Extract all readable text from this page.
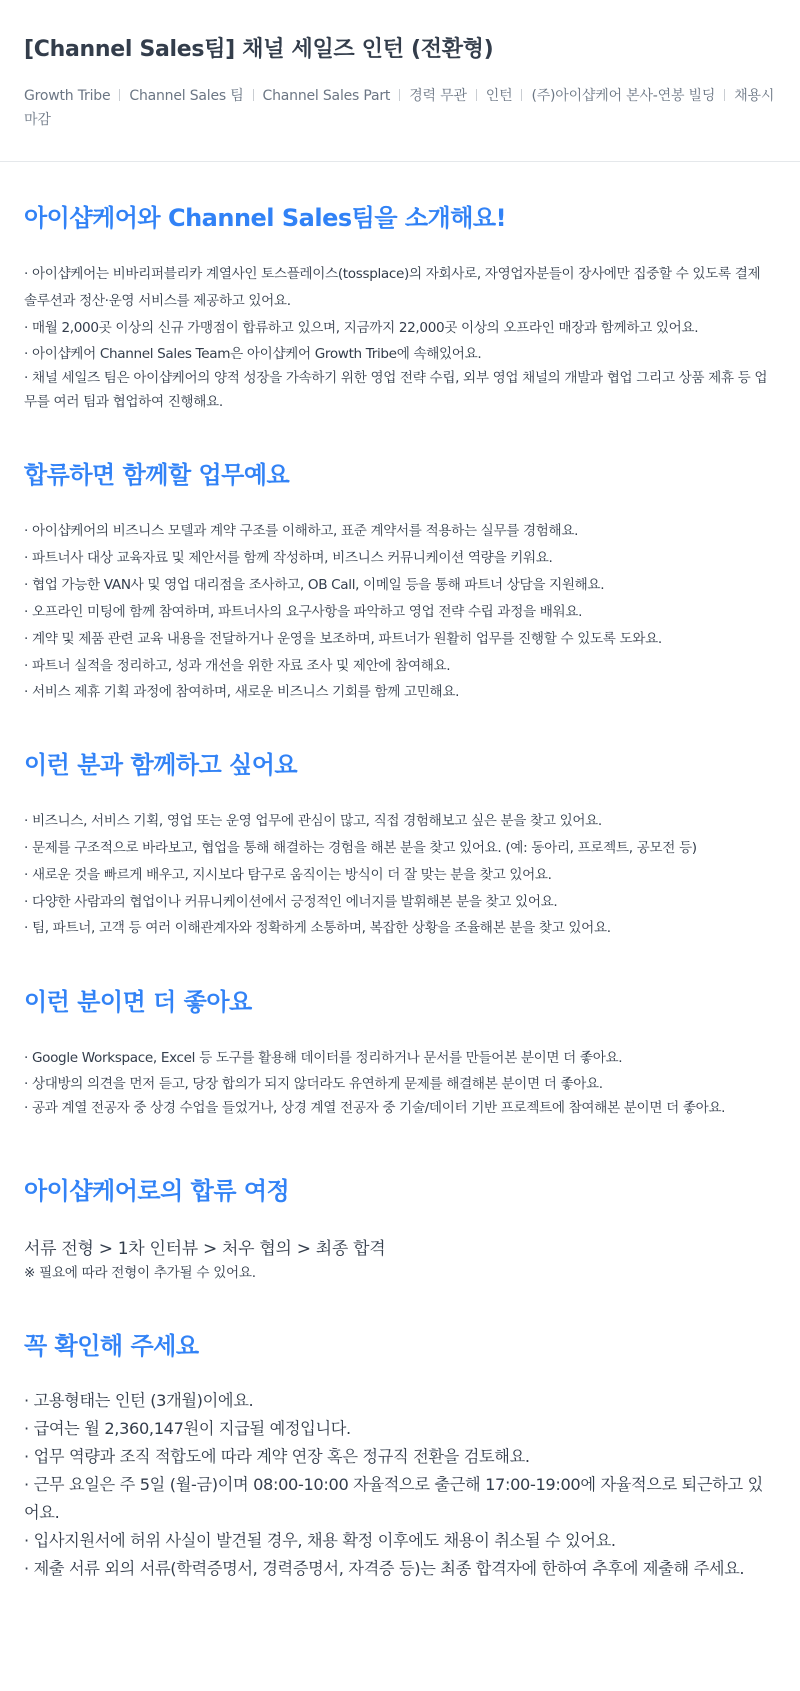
[Channel Sales팀] 채널 세일즈 인턴 (전환형)
Growth Tribe Channel Sales 팀 Channel Sales Part 경력 무관 인턴 (주)아이샵케어 본사-연봉 빌딩 채용시 마감
아이샵케어와 Channel Sales팀을 소개해요!
· 아이샵케어는 비바리퍼블리카 계열사인 토스플레이스(tossplace)의 자회사로, 자영업자분들이 장사에만 집중할 수 있도록 결제 솔루션과 정산·운영 서비스를 제공하고 있어요.
· 매월 2,000곳 이상의 신규 가맹점이 합류하고 있으며, 지금까지 22,000곳 이상의 오프라인 매장과 함께하고 있어요.
· 아이샵케어 Channel Sales Team은 아이샵케어 Growth Tribe에 속해있어요.
· 채널 세일즈 팀은 아이샵케어의 양적 성장을 가속하기 위한 영업 전략 수립, 외부 영업 채널의 개발과 협업 그리고 상품 제휴 등 업무를 여러 팀과 협업하여 진행해요.
합류하면 함께할 업무예요
· 아이샵케어의 비즈니스 모델과 계약 구조를 이해하고, 표준 계약서를 적용하는 실무를 경험해요.
· 파트너사 대상 교육자료 및 제안서를 함께 작성하며, 비즈니스 커뮤니케이션 역량을 키워요.
· 협업 가능한 VAN사 및 영업 대리점을 조사하고, OB Call, 이메일 등을 통해 파트너 상담을 지원해요.
· 오프라인 미팅에 함께 참여하며, 파트너사의 요구사항을 파악하고 영업 전략 수립 과정을 배워요.
· 계약 및 제품 관련 교육 내용을 전달하거나 운영을 보조하며, 파트너가 원활히 업무를 진행할 수 있도록 도와요.
· 파트너 실적을 정리하고, 성과 개선을 위한 자료 조사 및 제안에 참여해요.
· 서비스 제휴 기획 과정에 참여하며, 새로운 비즈니스 기회를 함께 고민해요.
이런 분과 함께하고 싶어요
· 비즈니스, 서비스 기획, 영업 또는 운영 업무에 관심이 많고, 직접 경험해보고 싶은 분을 찾고 있어요.
· 문제를 구조적으로 바라보고, 협업을 통해 해결하는 경험을 해본 분을 찾고 있어요. (예: 동아리, 프로젝트, 공모전 등)
· 새로운 것을 빠르게 배우고, 지시보다 탐구로 움직이는 방식이 더 잘 맞는 분을 찾고 있어요.
· 다양한 사람과의 협업이나 커뮤니케이션에서 긍정적인 에너지를 발휘해본 분을 찾고 있어요.
· 팀, 파트너, 고객 등 여러 이해관계자와 정확하게 소통하며, 복잡한 상황을 조율해본 분을 찾고 있어요.
이런 분이면 더 좋아요
· Google Workspace, Excel 등 도구를 활용해 데이터를 정리하거나 문서를 만들어본 분이면 더 좋아요.
· 상대방의 의견을 먼저 듣고, 당장 합의가 되지 않더라도 유연하게 문제를 해결해본 분이면 더 좋아요.
· 공과 계열 전공자 중 상경 수업을 들었거나, 상경 계열 전공자 중 기술/데이터 기반 프로젝트에 참여해본 분이면 더 좋아요.
아이샵케어로의 합류 여정

서류 전형 > 1차 인터뷰 > 처우 협의 > 최종 합격

※ 필요에 따라 전형이 추가될 수 있어요.

꼭 확인해 주세요
· 고용형태는 인턴 (3개월)이에요.
· 급여는 월 2,360,147원이 지급될 예정입니다.
· 업무 역량과 조직 적합도에 따라 계약 연장 혹은 정규직 전환을 검토해요.
· 근무 요일은 주 5일 (월-금)이며 08:00-10:00 자율적으로 출근해 17:00-19:00에 자율적으로 퇴근하고 있어요.
· 입사지원서에 허위 사실이 발견될 경우, 채용 확정 이후에도 채용이 취소될 수 있어요.
· 제출 서류 외의 서류(학력증명서, 경력증명서, 자격증 등)는 최종 합격자에 한하여 추후에 제출해 주세요.
